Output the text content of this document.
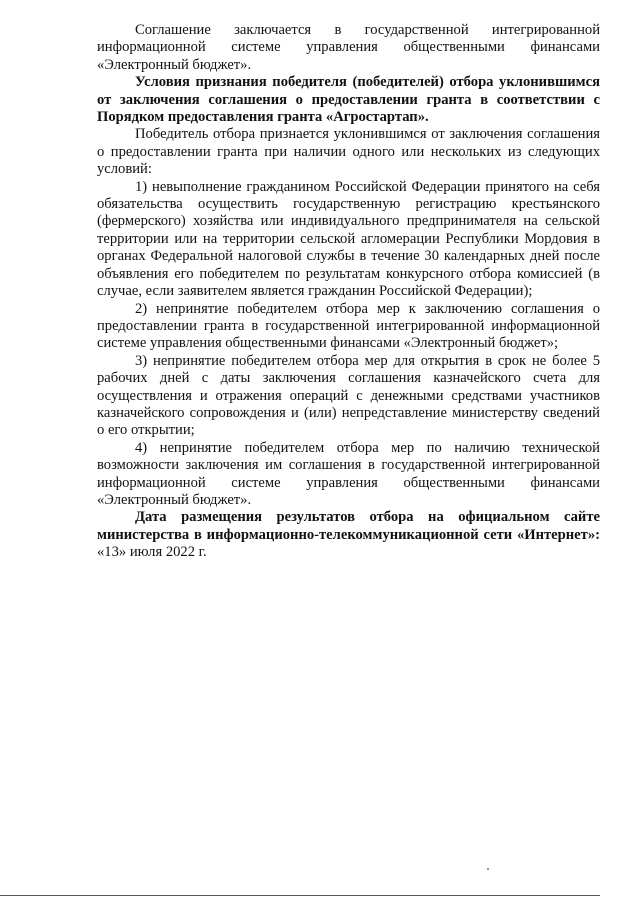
Соглашение заключается в государственной интегрированной информационной системе управления общественными финансами «Электронный бюджет».

Условия признания победителя (победителей) отбора уклонившимся от заключения соглашения о предоставлении гранта в соответствии с Порядком предоставления гранта «Агростартап».

Победитель отбора признается уклонившимся от заключения соглашения о предоставлении гранта при наличии одного или нескольких из следующих условий:

1) невыполнение гражданином Российской Федерации принятого на себя обязательства осуществить государственную регистрацию крестьянского (фермерского) хозяйства или индивидуального предпринимателя на сельской территории или на территории сельской агломерации Республики Мордовия в органах Федеральной налоговой службы в течение 30 календарных дней после объявления его победителем по результатам конкурсного отбора комиссией (в случае, если заявителем является гражданин Российской Федерации);

2) непринятие победителем отбора мер к заключению соглашения о предоставлении гранта в государственной интегрированной информационной системе управления общественными финансами «Электронный бюджет»;

3) непринятие победителем отбора мер для открытия в срок не более 5 рабочих дней с даты заключения соглашения казначейского счета для осуществления и отражения операций с денежными средствами участников казначейского сопровождения и (или) непредставление министерству сведений о его открытии;

4) непринятие победителем отбора мер по наличию технической возможности заключения им соглашения в государственной интегрированной информационной системе управления общественными финансами «Электронный бюджет».

Дата размещения результатов отбора на официальном сайте министерства в информационно-телекоммуникационной сети «Интернет»: «13» июля 2022 г.
